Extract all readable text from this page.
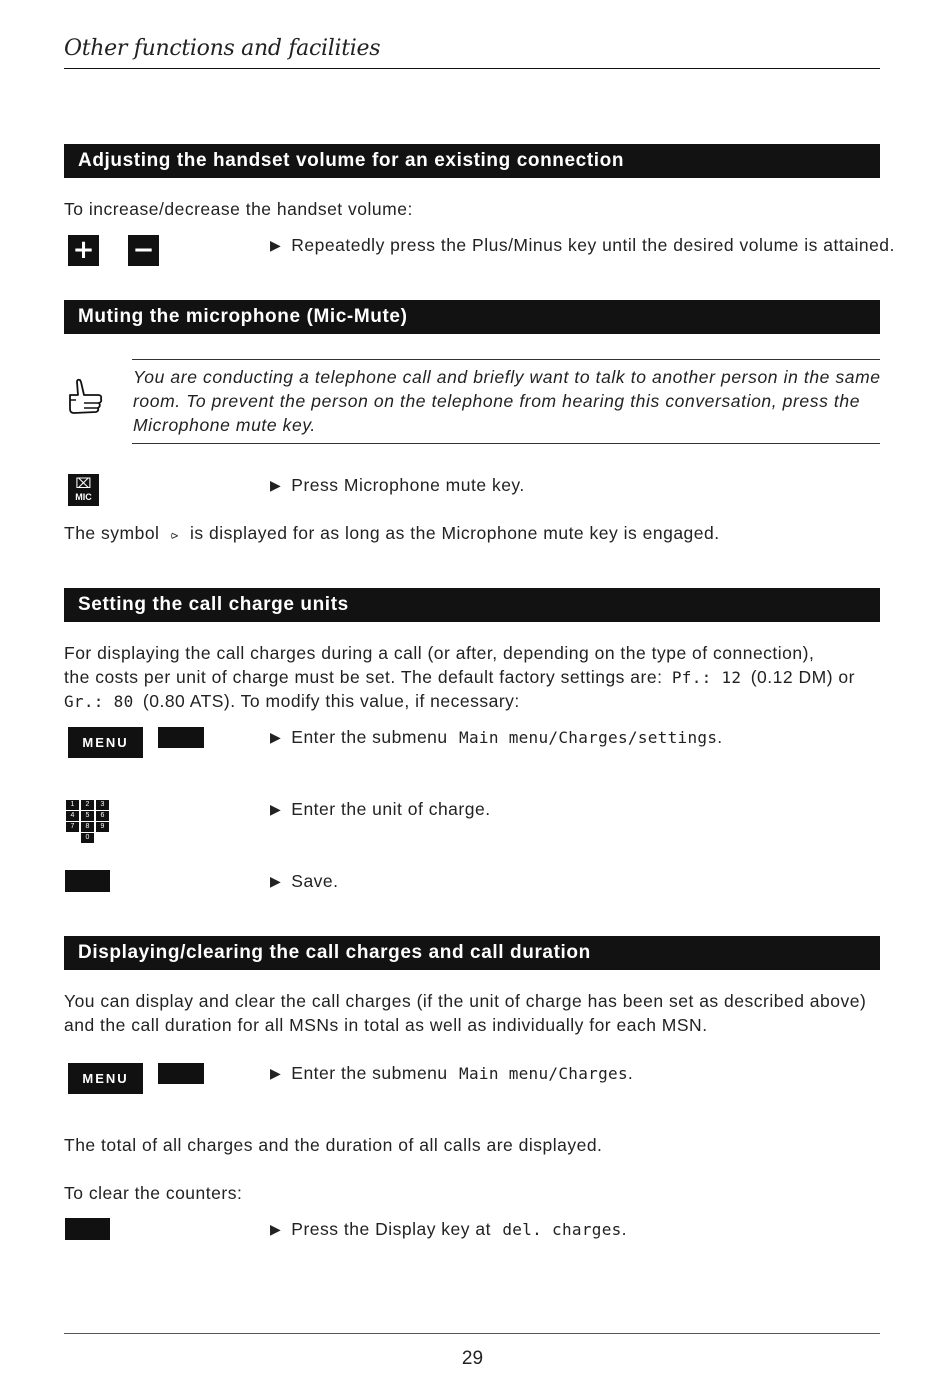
Other functions and facilities
Adjusting the handset volume for an existing connection
To increase/decrease the handset volume:
+ −	▶ Repeatedly press the Plus/Minus key until the desired volume is attained.
Muting the microphone (Mic-Mute)
You are conducting a telephone call and briefly want to talk to another person in the same
room. To prevent the person on the telephone from hearing this conversation, press the
Microphone mute key.
⌧
MIC
▶ Press Microphone mute key.
The symbol ⪧ is displayed for as long as the Microphone mute key is engaged.
Setting the call charge units
For displaying the call charges during a call (or after, depending on the type of connection),
the costs per unit of charge must be set. The default factory settings are: Pf.: 12 (0.12 DM) or
Gr.: 80 (0.80 ATS). To modify this value, if necessary:
MENU	▶ Enter the submenu Main menu/Charges/settings.
1	2	3
4	5	6
7	8	9
0
▶ Enter the unit of charge.
▶ Save.
Displaying/clearing the call charges and call duration
You can display and clear the call charges (if the unit of charge has been set as described above)
and the call duration for all MSNs in total as well as individually for each MSN.
MENU	▶ Enter the submenu Main menu/Charges.
The total of all charges and the duration of all calls are displayed.
To clear the counters:
▶ Press the Display key at del. charges.
29
